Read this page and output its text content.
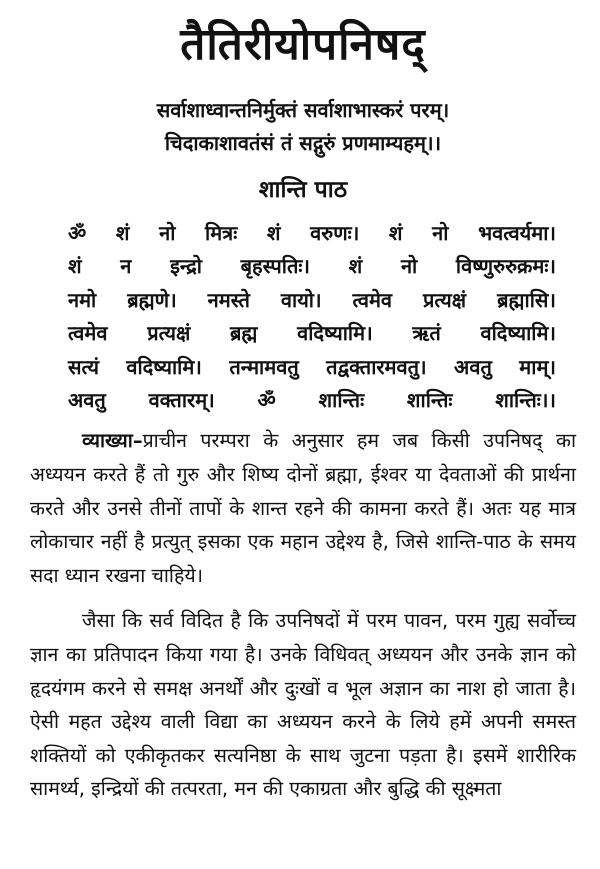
तैतिरीयोपनिषद्
सर्वाशाध्वान्तनिर्मुक्तं सर्वाशाभास्करं परम्।
चिदाकाशावतंसं तं सद्गुरुं प्रणमाम्यहम्।।
शान्ति पाठ
ॐ शं नो मित्रः शं वरुणः। शं नो भवत्वर्यमा।
शं न इन्द्रो बृहस्पतिः। शं नो विष्णुरुरुक्रमः।
नमो ब्रह्मणे। नमस्ते वायो। त्वमेव प्रत्यक्षं ब्रह्मासि।
त्वमेव प्रत्यक्षं ब्रह्म वदिष्यामि। ऋतं वदिष्यामि।
सत्यं वदिष्यामि। तन्मामवतु तद्वक्तारमवतु। अवतु माम्।
अवतु वक्तारम्। ॐ शान्तिः शान्तिः शान्तिः।।

व्याख्या–प्राचीन परम्परा के अनुसार हम जब किसी उपनिषद् का अध्ययन करते हैं तो गुरु और शिष्य दोनों ब्रह्मा, ईश्वर या देवताओं की प्रार्थना करते और उनसे तीनों तापों के शान्त रहने की कामना करते हैं। अतः यह मात्र लोकाचार नहीं है प्रत्युत् इसका एक महान उद्देश्य है, जिसे शान्ति-पाठ के समय सदा ध्यान रखना चाहिये।

जैसा कि सर्व विदित है कि उपनिषदों में परम पावन, परम गुह्य सर्वोच्च ज्ञान का प्रतिपादन किया गया है। उनके विधिवत् अध्ययन और उनके ज्ञान को हृदयंगम करने से समक्ष अनर्थों और दुःखों व भूल अज्ञान का नाश हो जाता है। ऐसी महत उद्देश्य वाली विद्या का अध्ययन करने के लिये हमें अपनी समस्त शक्तियों को एकीकृतकर सत्यनिष्ठा के साथ जुटना पड़ता है। इसमें शारीरिक सामर्थ्य, इन्द्रियों की तत्परता, मन की एकाग्रता और बुद्धि की सूक्ष्मता
